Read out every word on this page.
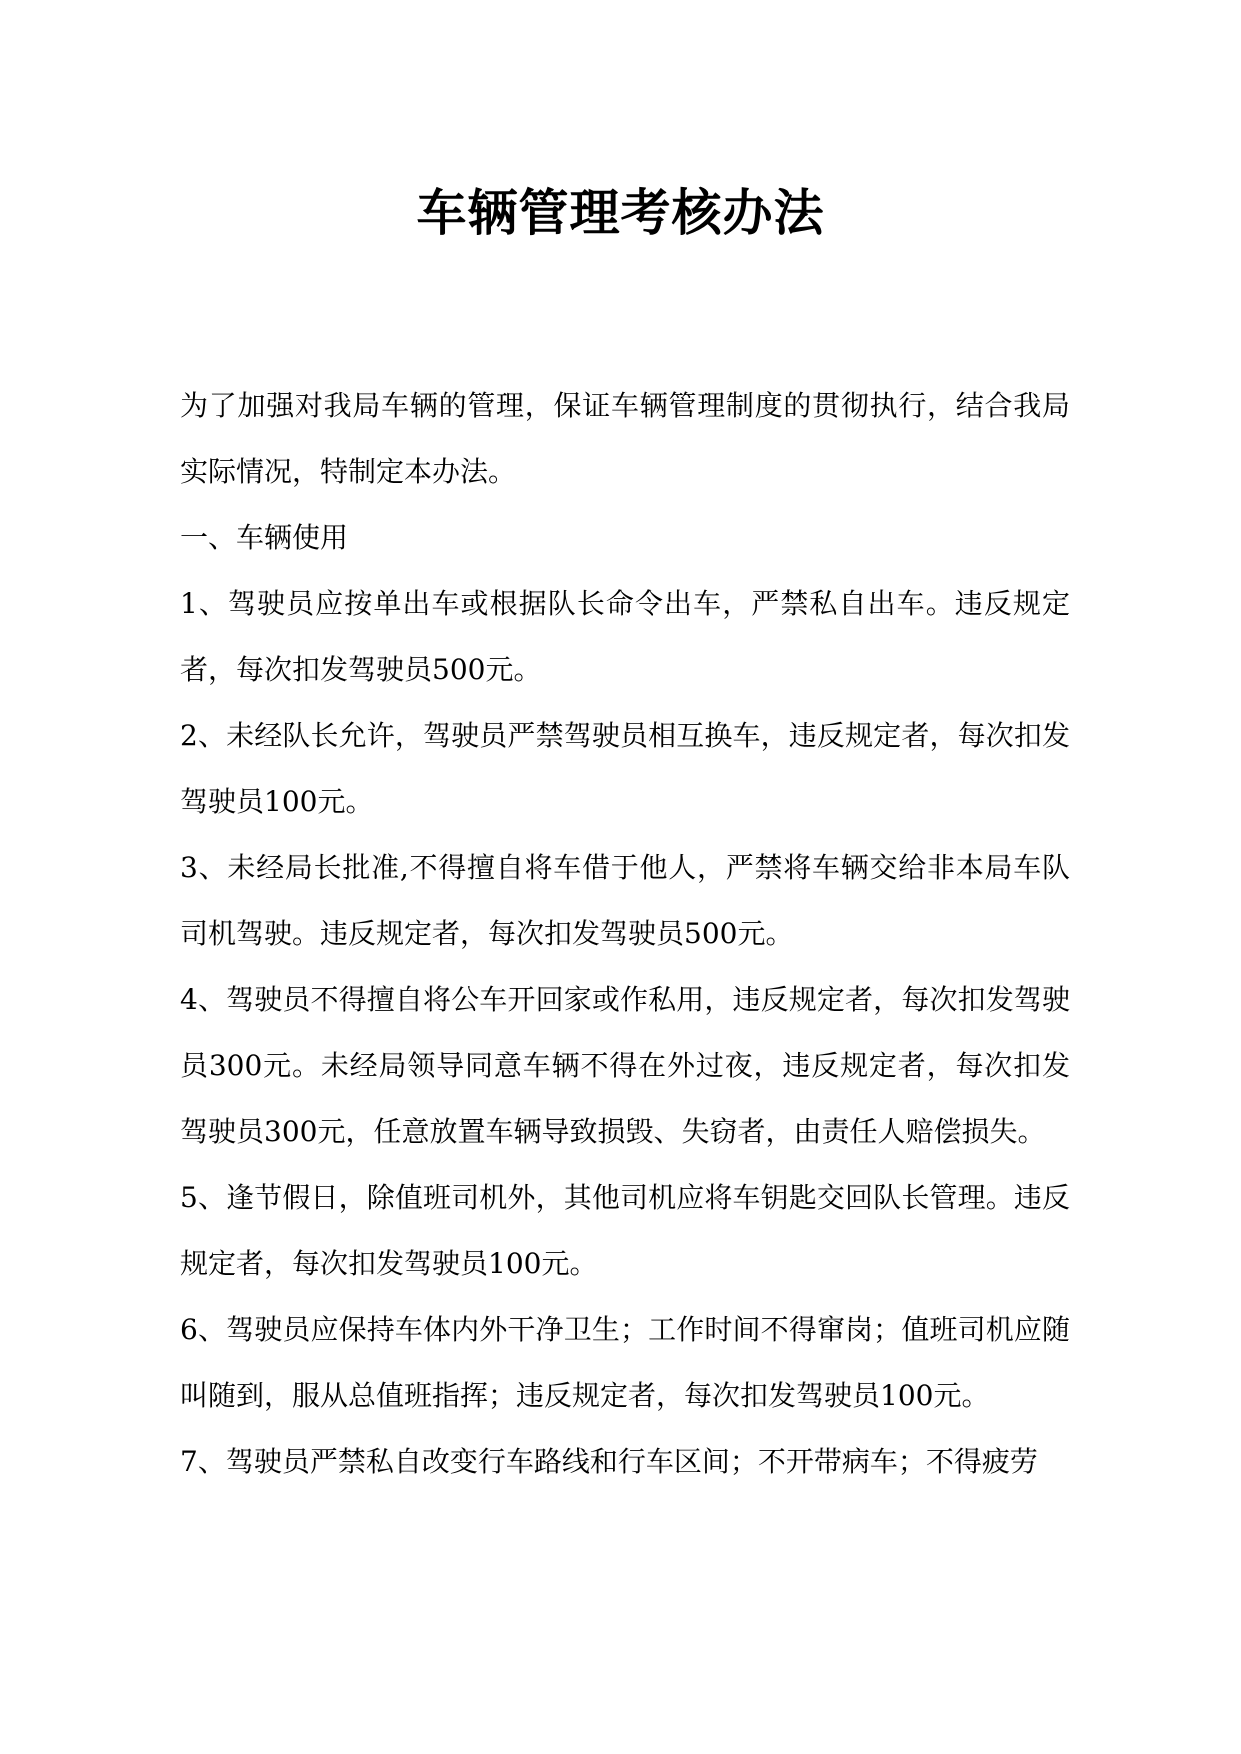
车辆管理考核办法

为了加强对我局车辆的管理，保证车辆管理制度的贯彻执行，结合我局实际情况，特制定本办法。

一、车辆使用

1、驾驶员应按单出车或根据队长命令出车，严禁私自出车。违反规定者，每次扣发驾驶员500元。

2、未经队长允许，驾驶员严禁驾驶员相互换车，违反规定者，每次扣发驾驶员100元。

3、未经局长批准,不得擅自将车借于他人，严禁将车辆交给非本局车队司机驾驶。违反规定者，每次扣发驾驶员500元。

4、驾驶员不得擅自将公车开回家或作私用，违反规定者，每次扣发驾驶员300元。未经局领导同意车辆不得在外过夜，违反规定者，每次扣发驾驶员300元，任意放置车辆导致损毁、失窃者，由责任人赔偿损失。

5、逢节假日，除值班司机外，其他司机应将车钥匙交回队长管理。违反规定者，每次扣发驾驶员100元。

6、驾驶员应保持车体内外干净卫生；工作时间不得窜岗；值班司机应随叫随到，服从总值班指挥；违反规定者，每次扣发驾驶员100元。

7、驾驶员严禁私自改变行车路线和行车区间；不开带病车；不得疲劳
